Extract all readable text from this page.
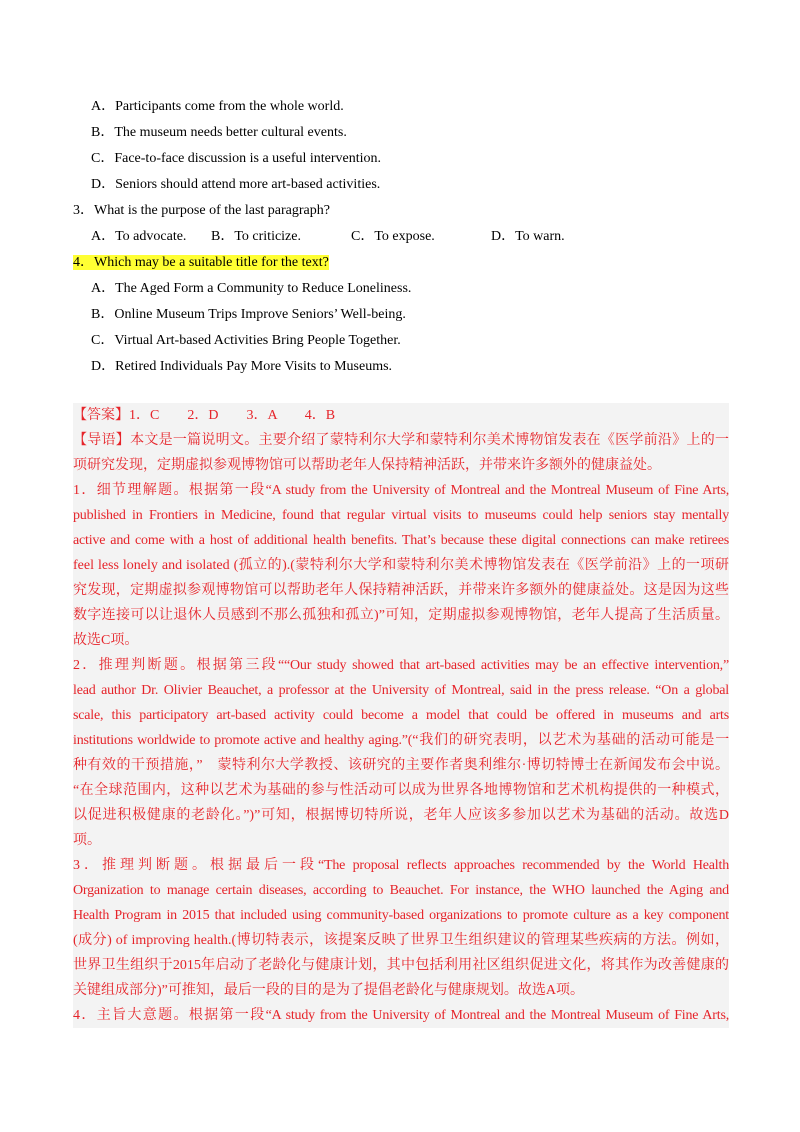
A．Participants come from the whole world.
B．The museum needs better cultural events.
C．Face-to-face discussion is a useful intervention.
D．Seniors should attend more art-based activities.
3．What is the purpose of the last paragraph?
A．To advocate.	B．To criticize.	C．To expose.	D．To warn.
4．Which may be a suitable title for the text?
A．The Aged Form a Community to Reduce Loneliness.
B．Online Museum Trips Improve Seniors’ Well-being.
C．Virtual Art-based Activities Bring People Together.
D．Retired Individuals Pay More Visits to Museums.
【答案】1．C　　2．D　　3．A　　4．B
【导语】本文是一篇说明文。主要介绍了蒙特利尔大学和蒙特利尔美术博物馆发表在《医学前沿》上的一
项研究发现，定期虚拟参观博物馆可以帮助老年人保持精神活跃，并带来许多额外的健康益处。
1．细节理解题。根据第一段“A study from the University of Montreal and the Montreal Museum of Fine Arts,
published in Frontiers in Medicine, found that regular virtual visits to museums could help seniors stay mentally
active and come with a host of additional health benefits. That’s because these digital connections can make retirees
feel less lonely and isolated (孤立的).(蒙特利尔大学和蒙特利尔美术博物馆发表在《医学前沿》上的一项研
究发现，定期虚拟参观博物馆可以帮助老年人保持精神活跃，并带来许多额外的健康益处。这是因为这些
数字连接可以让退休人员感到不那么孤独和孤立)”可知，定期虚拟参观博物馆，老年人提高了生活质量。
故选C项。
2．推理判断题。根据第三段““Our study showed that art-based activities may be an effective intervention,”
lead author Dr. Olivier Beauchet, a professor at the University of Montreal, said in the press release. “On a global
scale, this participatory art-based activity could become a model that could be offered in museums and arts
institutions worldwide to promote active and healthy aging.”(“我们的研究表明，以艺术为基础的活动可能是一
种有效的干预措施，”　蒙特利尔大学教授、该研究的主要作者奥利维尔·博切特博士在新闻发布会中说。
“在全球范围内，这种以艺术为基础的参与性活动可以成为世界各地博物馆和艺术机构提供的一种模式，
以促进积极健康的老龄化。”)”可知，根据博切特所说，老年人应该多参加以艺术为基础的活动。故选D
项。
3．推理判断题。根据最后一段“The proposal reflects approaches recommended by the World Health
Organization to manage certain diseases, according to Beauchet. For instance, the WHO launched the Aging and
Health Program in 2015 that included using community-based organizations to promote culture as a key component
(成分) of improving health.(博切特表示，该提案反映了世界卫生组织建议的管理某些疾病的方法。例如，
世界卫生组织于2015年启动了老龄化与健康计划，其中包括利用社区组织促进文化，将其作为改善健康的
关键组成部分)”可推知，最后一段的目的是为了提倡老龄化与健康规划。故选A项。
4．主旨大意题。根据第一段“A study from the University of Montreal and the Montreal Museum of Fine Arts,
